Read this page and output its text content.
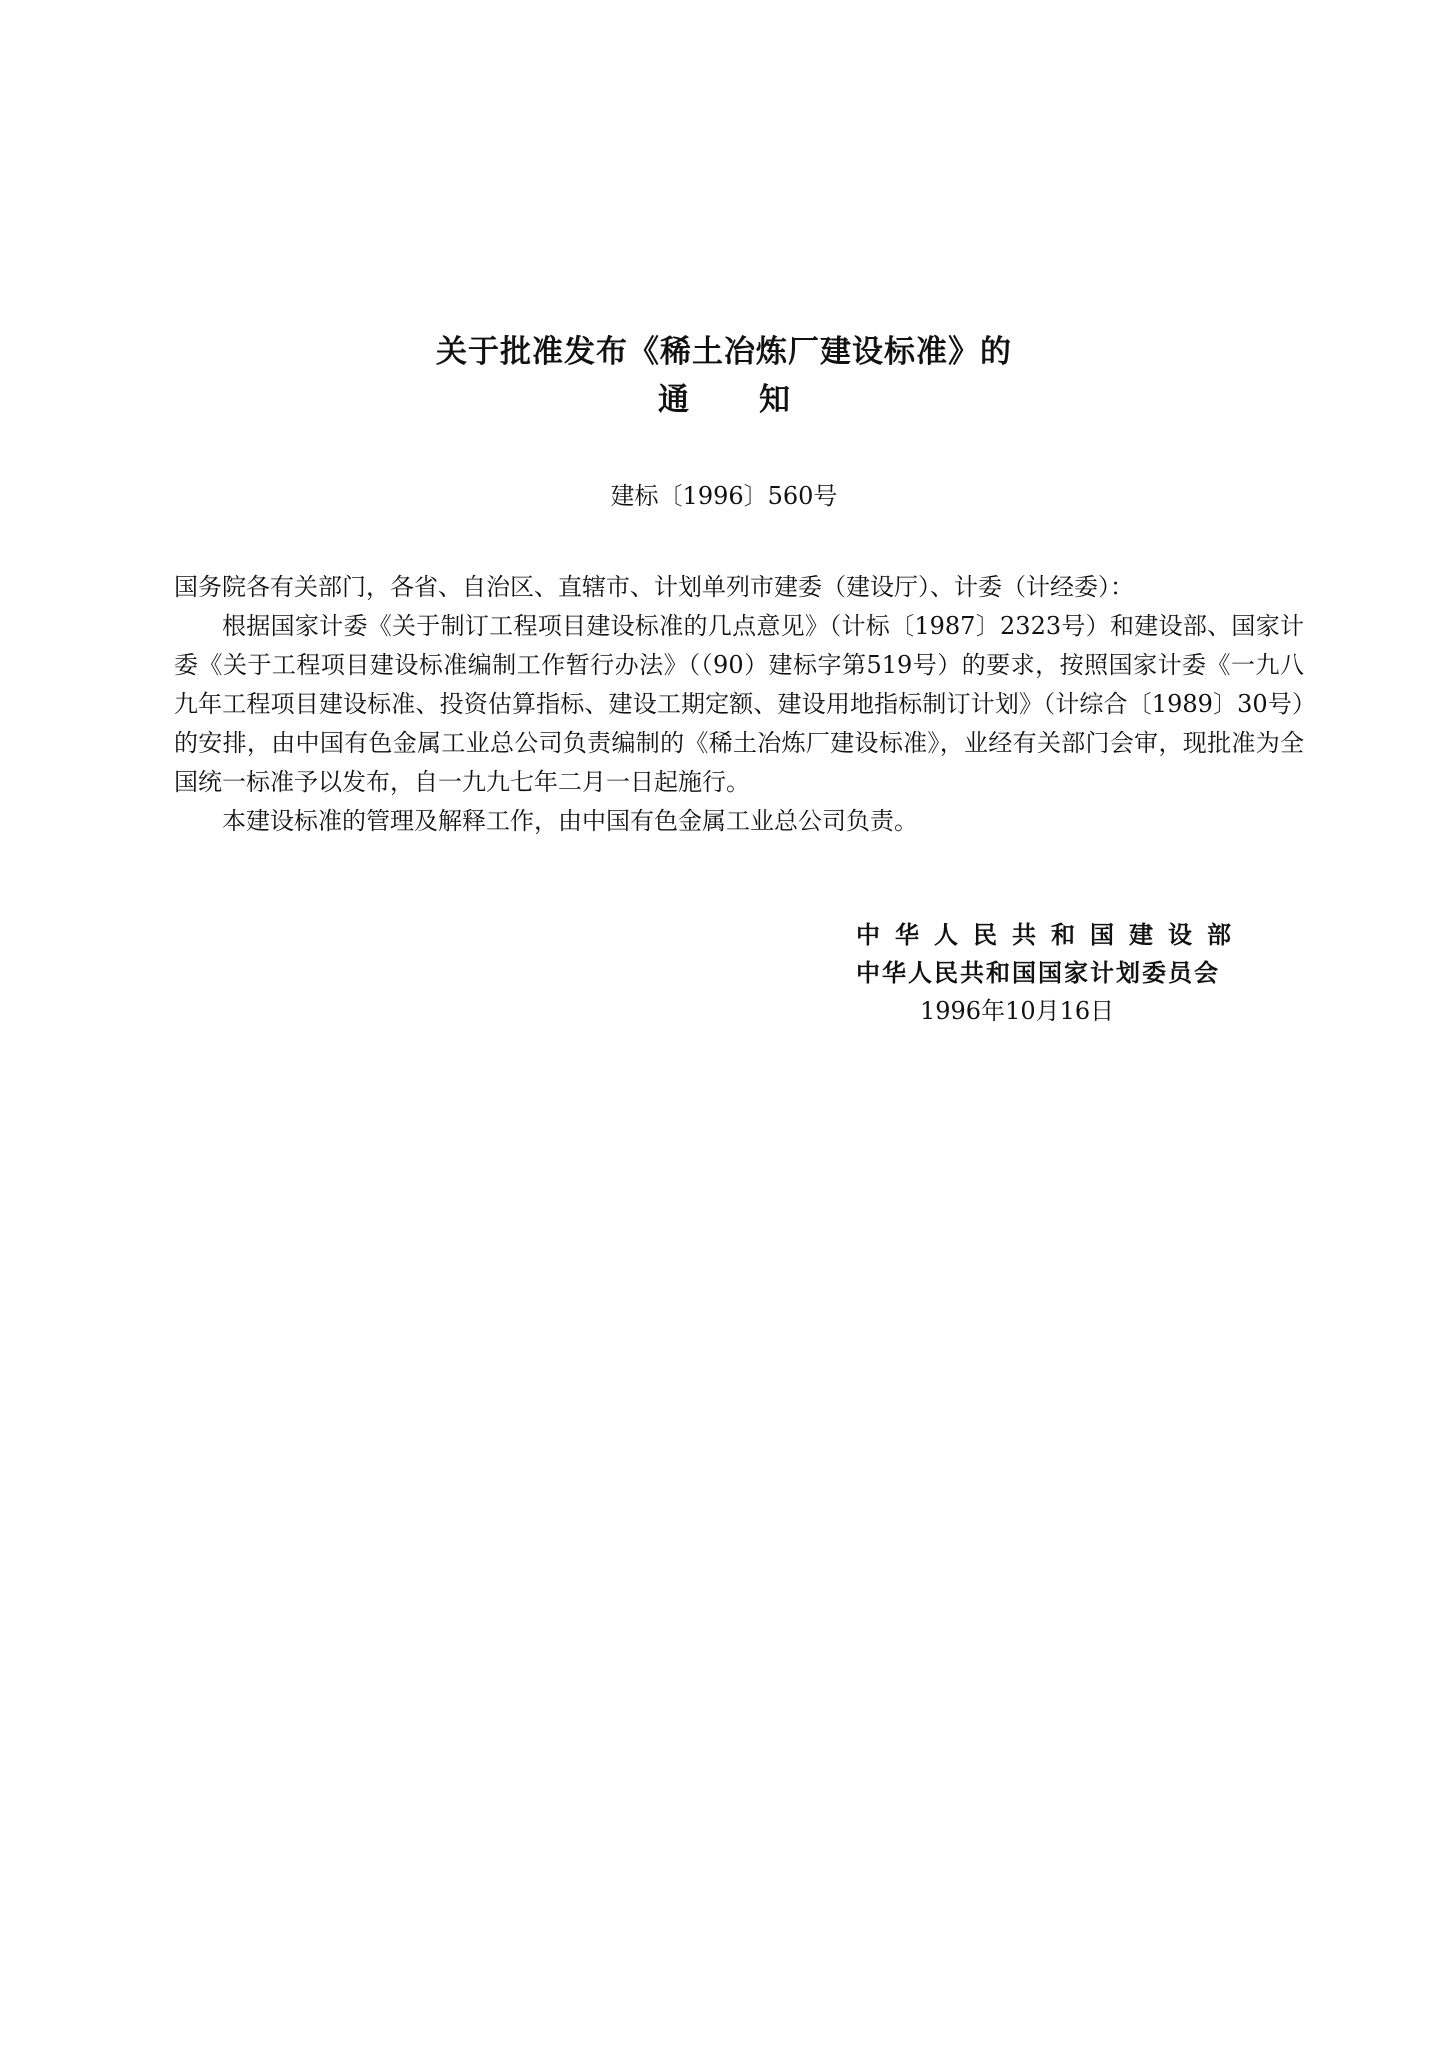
关于批准发布《稀土冶炼厂建设标准》的
通知
建标〔1996〕560号

国务院各有关部门，各省、自治区、直辖市、计划单列市建委（建设厅）、计委（计经委）：

根据国家计委《关于制订工程项目建设标准的几点意见》（计标〔1987〕2323号）和建设部、国家计委《关于工程项目建设标准编制工作暂行办法》（（90）建标字第519号）的要求，按照国家计委《一九八九年工程项目建设标准、投资估算指标、建设工期定额、建设用地指标制订计划》（计综合〔1989〕30号）的安排，由中国有色金属工业总公司负责编制的《稀土冶炼厂建设标准》，业经有关部门会审，现批准为全国统一标准予以发布，自一九九七年二月一日起施行。

本建设标准的管理及解释工作，由中国有色金属工业总公司负责。

中华人民共和国建设部
中华人民共和国国家计划委员会
1996年10月16日
